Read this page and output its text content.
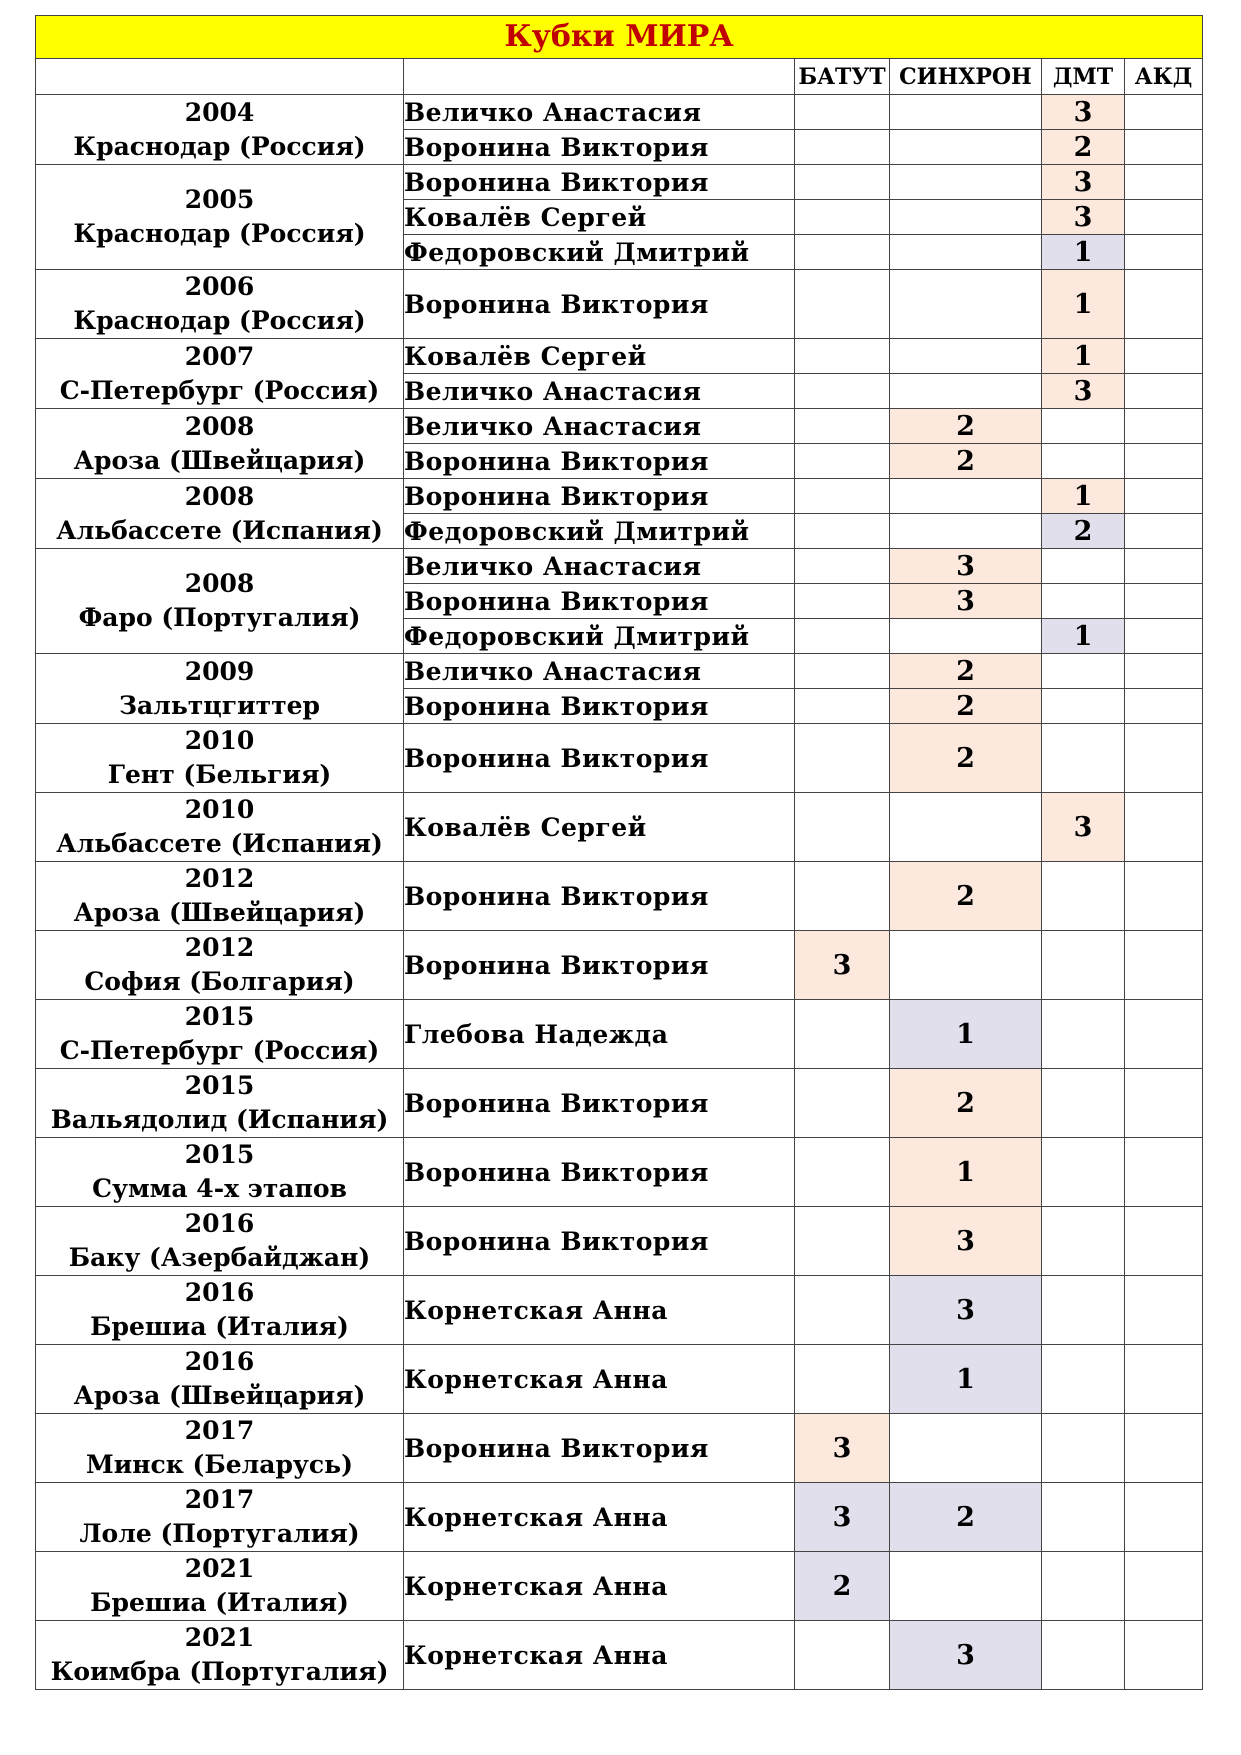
Кубки МИРА					
		БАТУТ	СИНХРОН	ДМТ	АКД

2004
Краснодар (Россия)	Величко Анастасия			3	
	Воронина Виктория			2	

2005
Краснодар (Россия)	Воронина Виктория			3	
	Ковалёв Сергей			3	
	Федоровский Дмитрий			1	

2006
Краснодар (Россия)	Воронина Виктория			1	

2007
С-Петербург (Россия)	Ковалёв Сергей			1	
	Величко Анастасия			3	

2008
Ароза (Швейцария)	Величко Анастасия		2		
	Воронина Виктория		2		

2008
Альбассете (Испания)	Воронина Виктория			1	
	Федоровский Дмитрий			2	

2008
Фаро (Португалия)	Величко Анастасия		3		
	Воронина Виктория		3		
	Федоровский Дмитрий			1	

2009
Зальтцгиттер	Величко Анастасия		2		
	Воронина Виктория		2		

2010
Гент (Бельгия)	Воронина Виктория		2		

2010
Альбассете (Испания)	Ковалёв Сергей			3	

2012
Ароза (Швейцария)	Воронина Виктория		2		

2012
София (Болгария)	Воронина Виктория	3			

2015
С-Петербург (Россия)	Глебова Надежда		1		

2015
Вальядолид (Испания)	Воронина Виктория		2		

2015
Сумма 4-х этапов	Воронина Виктория		1		

2016
Баку (Азербайджан)	Воронина Виктория		3		

2016
Брешиа (Италия)	Корнетская Анна		3		

2016
Ароза (Швейцария)	Корнетская Анна		1		

2017
Минск (Беларусь)	Воронина Виктория	3			

2017
Лоле (Португалия)	Корнетская Анна	3	2		

2021
Брешиа (Италия)	Корнетская Анна	2			

2021
Коимбра (Португалия)	Корнетская Анна		3		
